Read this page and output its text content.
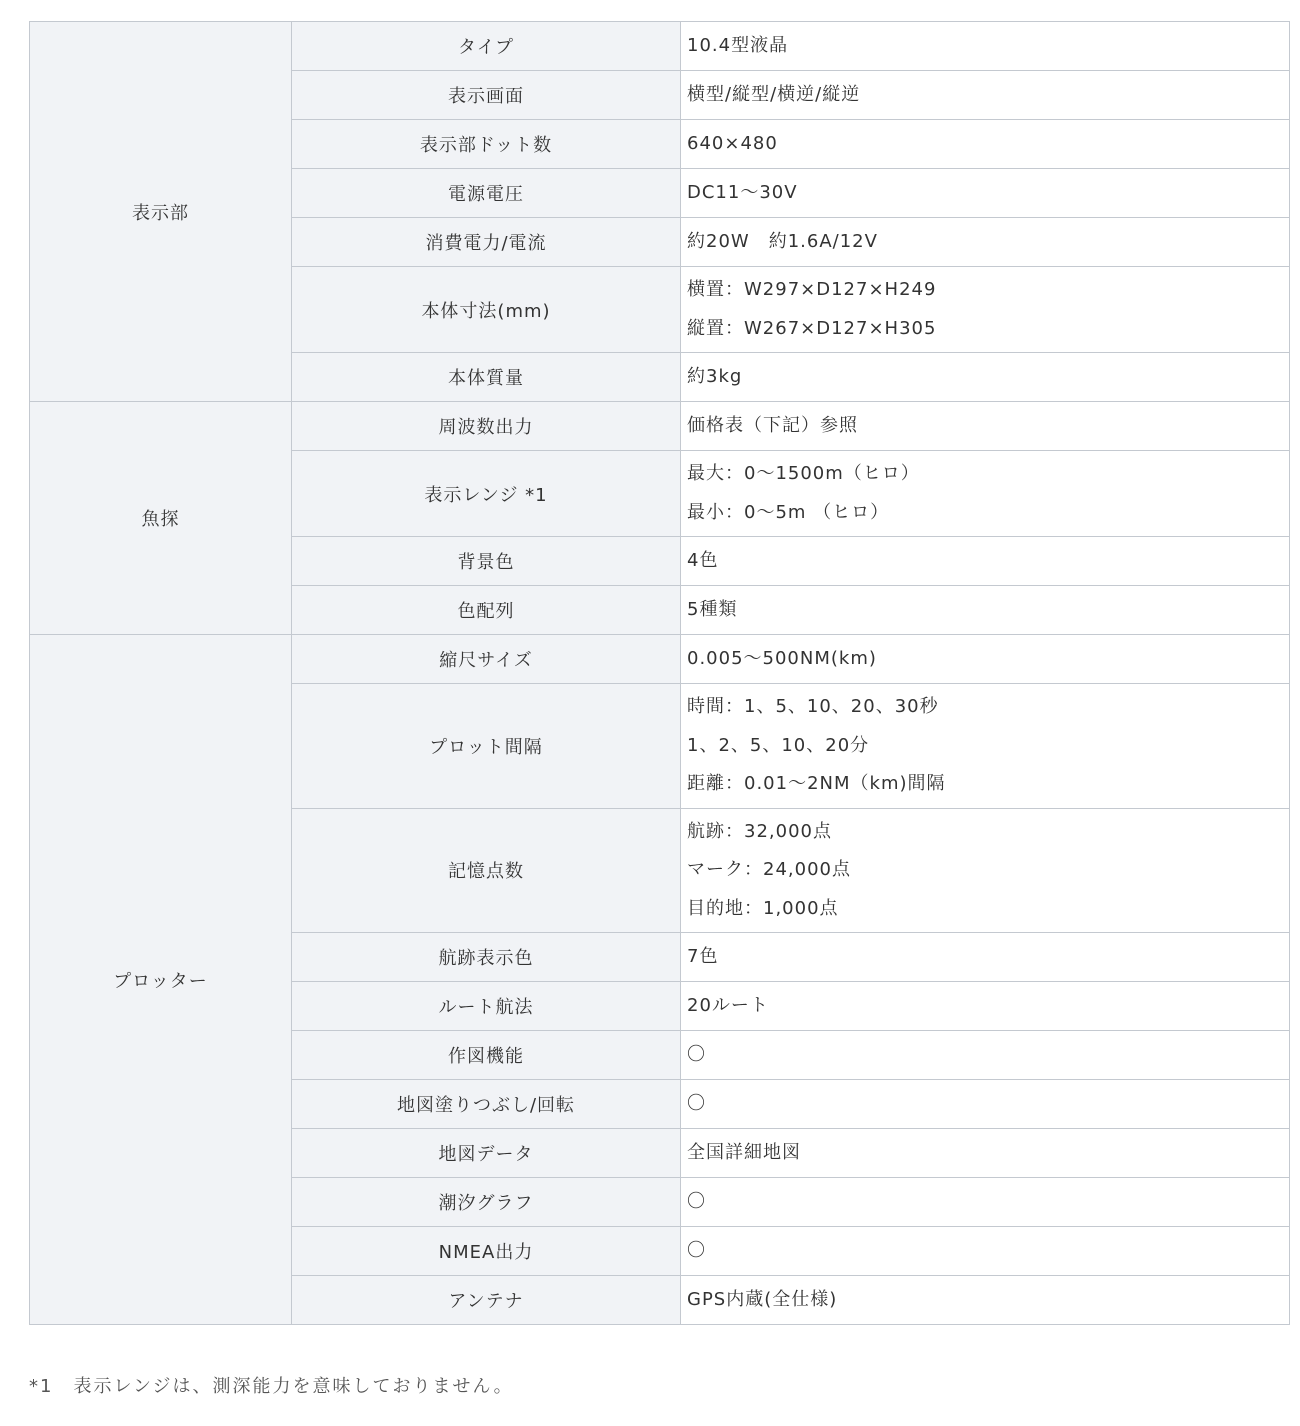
表示部	タイプ	10.4型液晶

	表示画面	横型/縦型/横逆/縦逆

	表示部ドット数	640×480

	電源電圧	DC11〜30V

	消費電力/電流	約20W　約1.6A/12V

	本体寸法(mm)	横置：W297×D127×H249
縦置：W267×D127×H305

	本体質量	約3kg

魚探	周波数出力	価格表（下記）参照

	表示レンジ *1	最大：0〜1500m（ヒロ）
最小：0〜5m （ヒロ）

	背景色	4色

	色配列	5種類

プロッター	縮尺サイズ	0.005〜500NM(km)

	プロット間隔	時間：1、5、10、20、30秒
1、2、5、10、20分
距離：0.01〜2NM（km)間隔

	記憶点数	航跡：32,000点
マーク：24,000点
目的地：1,000点

	航跡表示色	7色

	ルート航法	20ルート

	作図機能	〇

	地図塗りつぶし/回転	〇

	地図データ	全国詳細地図

	潮汐グラフ	〇

	NMEA出力	〇

	アンテナ	GPS内蔵(全仕様)
*1　表示レンジは、測深能力を意味しておりません。
